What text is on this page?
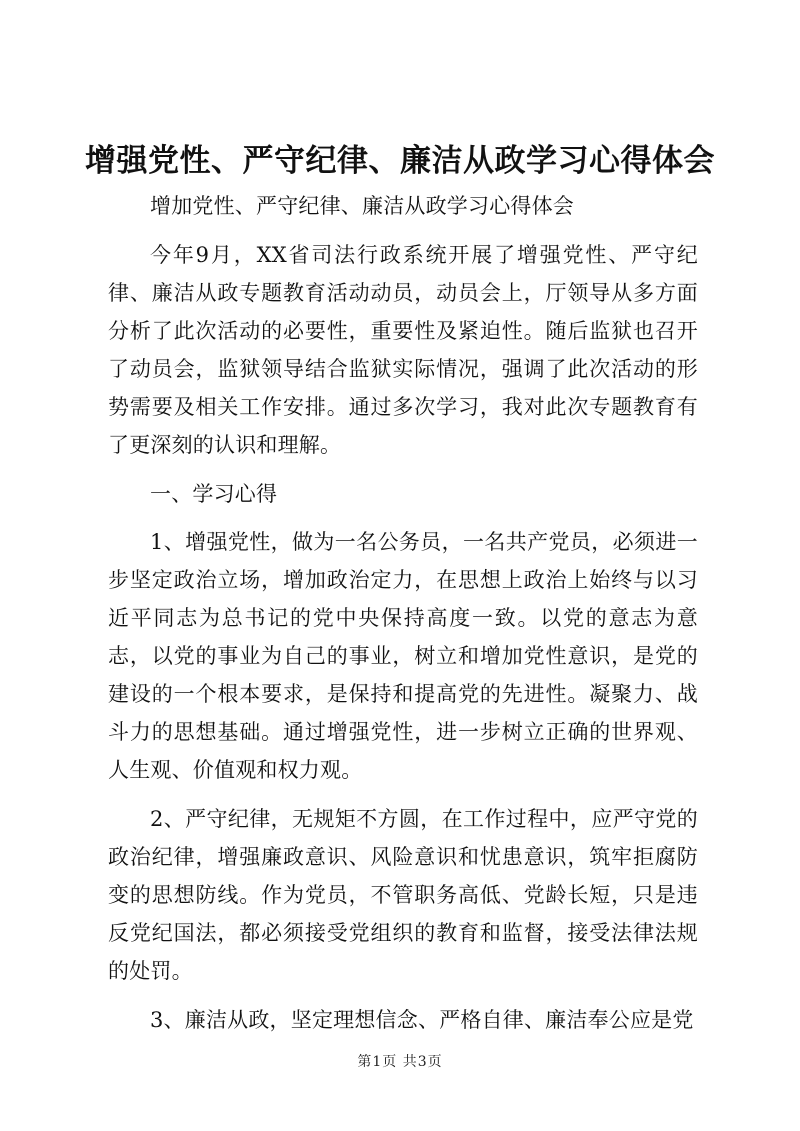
增强党性、严守纪律、廉洁从政学习心得体会

增加党性、严守纪律、廉洁从政学习心得体会

今年9月，XX省司法行政系统开展了增强党性、严守纪律、廉洁从政专题教育活动动员，动员会上，厅领导从多方面分析了此次活动的必要性，重要性及紧迫性。随后监狱也召开了动员会，监狱领导结合监狱实际情况，强调了此次活动的形势需要及相关工作安排。通过多次学习，我对此次专题教育有了更深刻的认识和理解。

一、学习心得

1、增强党性，做为一名公务员，一名共产党员，必须进一步坚定政治立场，增加政治定力，在思想上政治上始终与以习近平同志为总书记的党中央保持高度一致。以党的意志为意志，以党的事业为自己的事业，树立和增加党性意识，是党的建设的一个根本要求，是保持和提高党的先进性。凝聚力、战斗力的思想基础。通过增强党性，进一步树立正确的世界观、人生观、价值观和权力观。

2、严守纪律，无规矩不方圆，在工作过程中，应严守党的政治纪律，增强廉政意识、风险意识和忧患意识，筑牢拒腐防变的思想防线。作为党员，不管职务高低、党龄长短，只是违反党纪国法，都必须接受党组织的教育和监督，接受法律法规的处罚。

3、廉洁从政，坚定理想信念、严格自律、廉洁奉公应是党

第1页 共3页
